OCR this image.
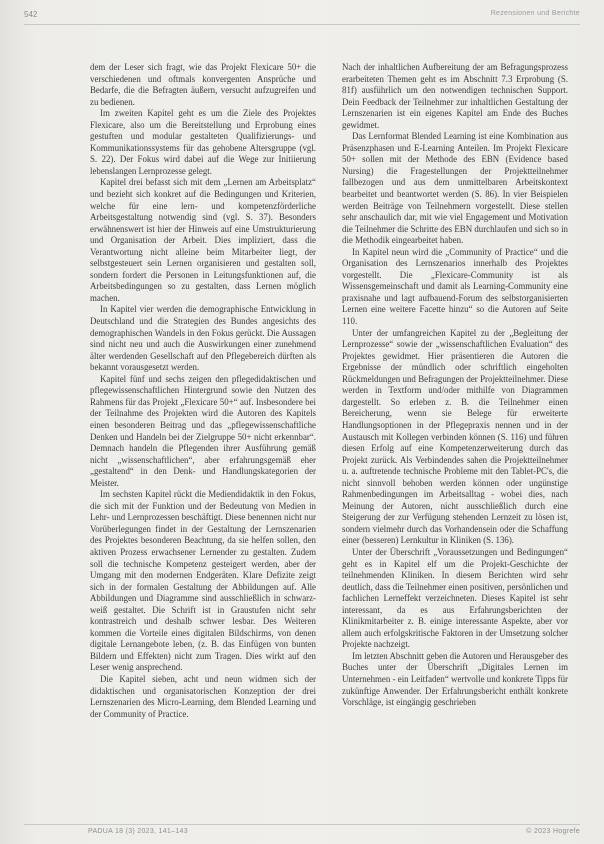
542	Rezensionen und Berichte

dem der Leser sich fragt, wie das Projekt Flexicare 50+ die verschiedenen und oftmals konvergenten Ansprüche und Bedarfe, die die Befragten äußern, versucht aufzugreifen und zu bedienen.

Im zweiten Kapitel geht es um die Ziele des Projektes Flexicare, also um die Bereitstellung und Erprobung eines gestuften und modular gestalteten Qualifizierungs- und Kommunikationssystems für das gehobene Altersgruppe (vgl. S. 22). Der Fokus wird dabei auf die Wege zur Initiierung lebenslangen Lernprozesse gelegt.

Kapitel drei befasst sich mit dem „Lernen am Arbeitsplatz“ und bezieht sich konkret auf die Bedingungen und Kriterien, welche für eine lern- und kompetenzförderliche Arbeitsgestaltung notwendig sind (vgl. S. 37). Besonders erwähnenswert ist hier der Hinweis auf eine Umstrukturierung und Organisation der Arbeit. Dies impliziert, dass die Verantwortung nicht alleine beim Mitarbeiter liegt, der selbstgesteuert sein Lernen organisieren und gestalten soll, sondern fordert die Personen in Leitungsfunktionen auf, die Arbeitsbedingungen so zu gestalten, dass Lernen möglich machen.

In Kapitel vier werden die demographische Entwicklung in Deutschland und die Strategien des Bundes angesichts des demographischen Wandels in den Fokus gerückt. Die Aussagen sind nicht neu und auch die Auswirkungen einer zunehmend älter werdenden Gesellschaft auf den Pflegebereich dürften als bekannt vorausgesetzt werden.

Kapitel fünf und sechs zeigen den pflegedidaktischen und pflegewissenschaftlichen Hintergrund sowie den Nutzen des Rahmens für das Projekt „Flexicare 50+“ auf. Insbesondere bei der Teilnahme des Projekten wird die Autoren des Kapitels einen besonderen Beitrag und das „pflegewissenschaftliche Denken und Handeln bei der Zielgruppe 50+ nicht erkennbar“. Demnach handeln die Pflegenden ihrer Ausführung gemäß nicht „wissenschaftlichen“, aber erfahrungsgemäß eher „gestaltend“ in den Denk- und Handlungskategorien der Meister.

Im sechsten Kapitel rückt die Mediendidaktik in den Fokus, die sich mit der Funktion und der Bedeutung von Medien in Lehr- und Lernprozessen beschäftigt. Diese benennen nicht nur Vorüberlegungen findet in der Gestaltung der Lernszenarien des Projektes besonderen Beachtung, da sie helfen sollen, den aktiven Prozess erwachsener Lernender zu gestalten. Zudem soll die technische Kompetenz gesteigert werden, aber der Umgang mit den modernen Endgeräten. Klare Defizite zeigt sich in der formalen Gestaltung der Abbildungen auf. Alle Abbildungen und Diagramme sind ausschließlich in schwarz-weiß gestaltet. Die Schrift ist in Graustufen nicht sehr kontrastreich und deshalb schwer lesbar. Des Weiteren kommen die Vorteile eines digitalen Bildschirms, von denen digitale Lernangebote leben, (z. B. das Einfügen von bunten Bildern und Effekten) nicht zum Tragen. Dies wirkt auf den Leser wenig ansprechend.

Die Kapitel sieben, acht und neun widmen sich der didaktischen und organisatorischen Konzeption der drei Lernszenarien des Micro-Learning, dem Blended Learning und der Community of Practice.

Nach der inhaltlichen Aufbereitung der am Befragungsprozess erarbeiteten Themen geht es im Abschnitt 7.3 Erprobung (S. 81f) ausführlich um den notwendigen technischen Support. Dein Feedback der Teilnehmer zur inhaltlichen Gestaltung der Lernszenarien ist ein eigenes Kapitel am Ende des Buches gewidmet.

Das Lernformat Blended Learning ist eine Kombination aus Präsenzphasen und E-Learning Anteilen. Im Projekt Flexicare 50+ sollen mit der Methode des EBN (Evidence based Nursing) die Fragestellungen der Projektteilnehmer fallbezogen und aus dem unmittelbaren Arbeitskontext bearbeitet und beantwortet werden (S. 86). In vier Beispielen werden Beiträge von Teilnehmern vorgestellt. Diese stellen sehr anschaulich dar, mit wie viel Engagement und Motivation die Teilnehmer die Schritte des EBN durchlaufen und sich so in die Methodik eingearbeitet haben.

In Kapitel neun wird die „Community of Practice“ und die Organisation des Lernszenarios innerhalb des Projektes vorgestellt. Die „Flexicare-Community ist als Wissensgemeinschaft und damit als Learning-Community eine praxisnahe und lagt aufbauend-Forum des selbstorganisierten Lernen eine weitere Facette hinzu“ so die Autoren auf Seite 110.

Unter der umfangreichen Kapitel zu der „Begleitung der Lernprozesse“ sowie der „wissenschaftlichen Evaluation“ des Projektes gewidmet. Hier präsentieren die Autoren die Ergebnisse der mündlich oder schriftlich eingeholten Rückmeldungen und Befragungen der Projektteilnehmer. Diese werden in Textform und/oder mithilfe von Diagrammen dargestellt. So erleben z. B. die Teilnehmer einen Bereicherung, wenn sie Belege für erweiterte Handlungsoptionen in der Pflegepraxis nennen und in der Austausch mit Kollegen verbinden können (S. 116) und führen diesen Erfolg auf eine Kompetenzerweiterung durch das Projekt zurück. Als Verbindendes sahen die Projektteilnehmer u. a. auftretende technische Probleme mit den Tablet-PC's, die nicht sinnvoll behoben werden können oder ungünstige Rahmenbedingungen im Arbeitsalltag - wobei dies, nach Meinung der Autoren, nicht ausschließlich durch eine Steigerung der zur Verfügung stehenden Lernzeit zu lösen ist, sondern vielmehr durch das Vorhandensein oder die Schaffung einer (besseren) Lernkultur in Kliniken (S. 136).

Unter der Überschrift „Voraussetzungen und Bedingungen“ geht es in Kapitel elf um die Projekt-Geschichte der teilnehmenden Kliniken. In diesem Berichten wird sehr deutlich, dass die Teilnehmer einen positiven, persönlichen und fachlichen Lerneffekt verzeichneten. Dieses Kapitel ist sehr interessant, da es aus Erfahrungsberichten der Klinikmitarbeiter z. B. einige interessante Aspekte, aber vor allem auch erfolgskritische Faktoren in der Umsetzung solcher Projekte nachzeigt.

Im letzten Abschnitt geben die Autoren und Herausgeber des Buches unter der Überschrift „Digitales Lernen im Unternehmen - ein Leitfaden“ wertvolle und konkrete Tipps für zukünftige Anwender. Der Erfahrungsbericht enthält konkrete Vorschläge, ist eingängig geschrieben

PADUA 18 (3) 2023, 141–143	© 2023 Hogrefe
